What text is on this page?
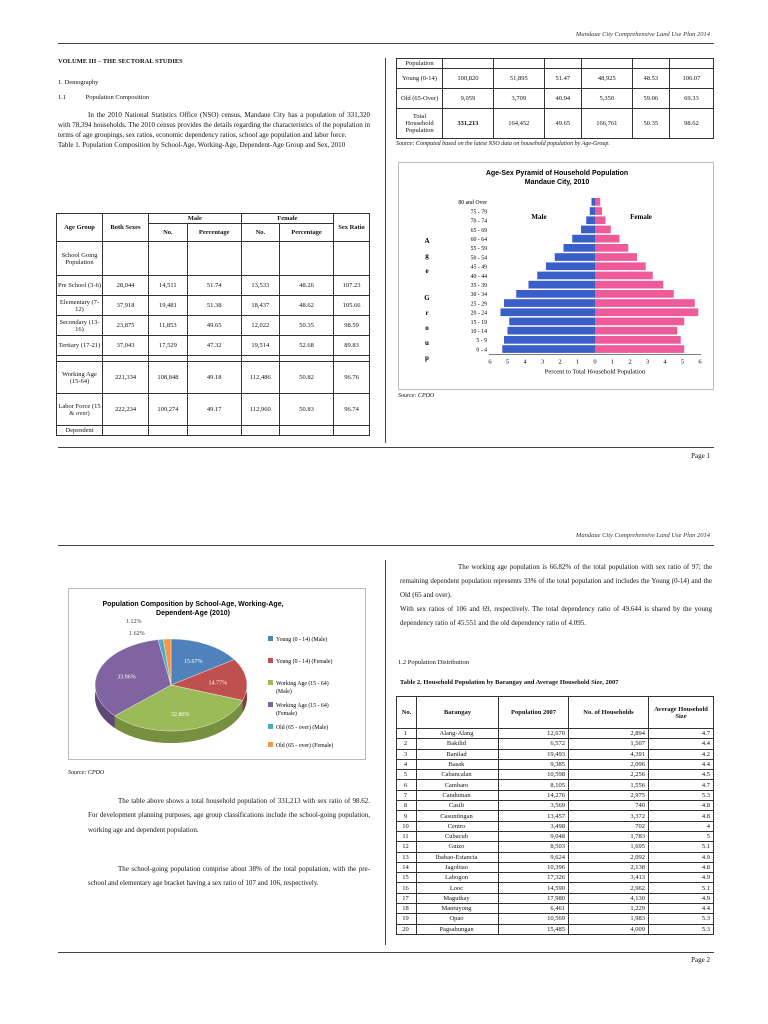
Mandaue City Comprehensive Land Use Plan 2014
VOLUME III – THE SECTORAL STUDIES
1. Demography
1.1	Population Composition
In the 2010 National Statistics Office (NSO) census, Mandaue City has a population of 331,320 with 78,394 households. The 2010 census provides the details regarding the characteristics of the population in terms of age groupings, sex ratios, economic dependency ratios, school age population and labor force.
Table 1. Population Composition by School-Age, Working-Age, Dependent-Age Group and Sex, 2010
Age Group	Both Sexes	Male		Female		Sex Ratio
		No.	Percentage	No.	Percentage	
School Going Population						
Pre School (3-6)	28,044	14,511	51.74	13,533	48.26	107.23
Elementary (7-12)	37,918	19,481	51.38	18,437	48.62	105.66
Secondary (13-16)	23,875	11,853	49.65	12,022	50.35	98.59
Tertiary (17-21)	37,043	17,529	47.32	19,514	52.68	89.83

Working Age (15-64)	221,334	108,848	49.18	112,486	50.82	96.76
Labor Force (15 & over)	222,234	109,274	49.17	112,960	50.83	96.74
Dependent						
Population						
Young (0-14)	100,820	51,895	51.47	48,925	48.53	106.07
Old (65-Over)	9,059	3,709	40.94	5,350	59.06	69.33
Total Household Population	331,213	164,452	49.65	166,761	50.35	98.62
Source: Computed based on the latest NSO data on household population by Age-Group.
Age-Sex Pyramid of Household Population
Mandaue City, 2010
Male	Female
A
g
e
G
r
o
u
p
0 - 4
5 - 9
10 - 14
15 - 19
20 - 24
25 - 29
30 - 34
35 - 39
40 - 44
45 - 49
50 - 54
55 - 59
60 - 64
65 - 69
70 - 74
75 - 79
80 and Over
6 5 4 3 2 1 0 1 2 3 4 5 6
Percent to Total Household Population
Source: CPDO
Page 1
Mandaue City Comprehensive Land Use Plan 2014
Population Composition by School-Age, Working-Age,
Dependent-Age (2010)
15.67%
14.77%
32.86%
33.96%
1.12%
1.62%
Young (0 - 14) (Male)
Young (0 - 14) (Female)
Working Age (15 - 64)
(Male)
Working Age (15 - 64)
(Female)
Old (65 - over) (Male)
Old (65 - over) (Female)
Source: CPDO
The table above shows a total household population of 331,213 with sex ratio of 98.62. For development planning purposes, age group classifications include the school-going population, working age and dependent population.
The school-going population comprise about 38% of the total population, with the pre-school and elementary age bracket having a sex ratio of 107 and 106, respectively.
The working age population is 66.82% of the total population with sex ratio of 97; the remaining dependent population represents 33% of the total population and includes the Young (0-14) and the Old (65 and over).
With sex ratios of 106 and 69, respectively. The total dependency ratio of 49.644 is shared by the young dependency ratio of 45.551 and the old dependency ratio of 4.095.
1.2 Population Distribution
Table 2. Household Population by Barangay and Average Household Size, 2007
No.	Barangay	Population 2007	No. of Households	Average Household Size
1	Alang-Alang	12,670	2,894	4.7
2	Bakilid	6,572	1,507	4.4
3	Banilad	19,493	4,391	4.2
4	Basak	9,385	2,096	4.4
5	Cabancalan	10,598	2,256	4.5
6	Cambaro	8,105	1,556	4.7
7	Canduman	14,276	2,975	5.3
8	Casili	3,569	740	4.8
9	Casuntingan	13,457	3,372	4.8
10	Centro	3,498	702	4
11	Cubacub	9,048	1,783	5
12	Guizo	8,503	1,695	5.1
13	Ibabao-Estancia	9,624	2,092	4.9
14	Jagobiao	10,396	2,138	4.8
15	Labogon	17,326	3,413	4.9
16	Looc	14,590	2,962	5.1
17	Maguikay	17,980	4,130	4.9
18	Mantuyong	6,461	1,229	4.4
19	Opao	10,569	1,983	5.3
20	Pagsabungan	15,485	4,009	5.3
Page 2
